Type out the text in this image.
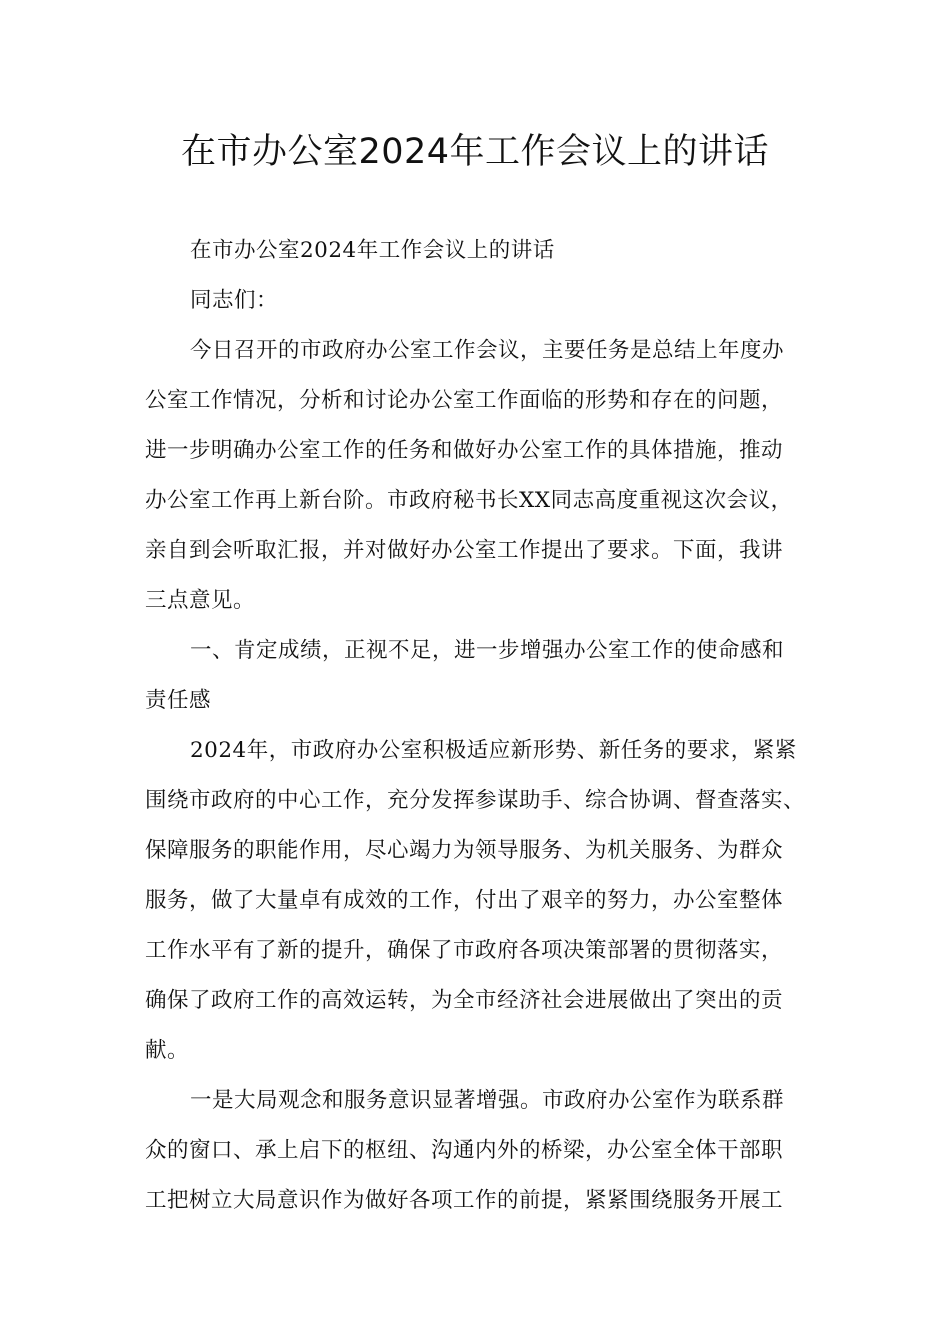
在市办公室2024年工作会议上的讲话
在市办公室2024年工作会议上的讲话
同志们：
今日召开的市政府办公室工作会议，主要任务是总结上年度办
公室工作情况，分析和讨论办公室工作面临的形势和存在的问题，
进一步明确办公室工作的任务和做好办公室工作的具体措施，推动
办公室工作再上新台阶。市政府秘书长XX同志高度重视这次会议，
亲自到会听取汇报，并对做好办公室工作提出了要求。下面，我讲
三点意见。
一、肯定成绩，正视不足，进一步增强办公室工作的使命感和
责任感
2024年，市政府办公室积极适应新形势、新任务的要求，紧紧
围绕市政府的中心工作，充分发挥参谋助手、综合协调、督查落实、
保障服务的职能作用，尽心竭力为领导服务、为机关服务、为群众
服务，做了大量卓有成效的工作，付出了艰辛的努力，办公室整体
工作水平有了新的提升，确保了市政府各项决策部署的贯彻落实，
确保了政府工作的高效运转，为全市经济社会进展做出了突出的贡
献。
一是大局观念和服务意识显著增强。市政府办公室作为联系群
众的窗口、承上启下的枢纽、沟通内外的桥梁，办公室全体干部职
工把树立大局意识作为做好各项工作的前提，紧紧围绕服务开展工
